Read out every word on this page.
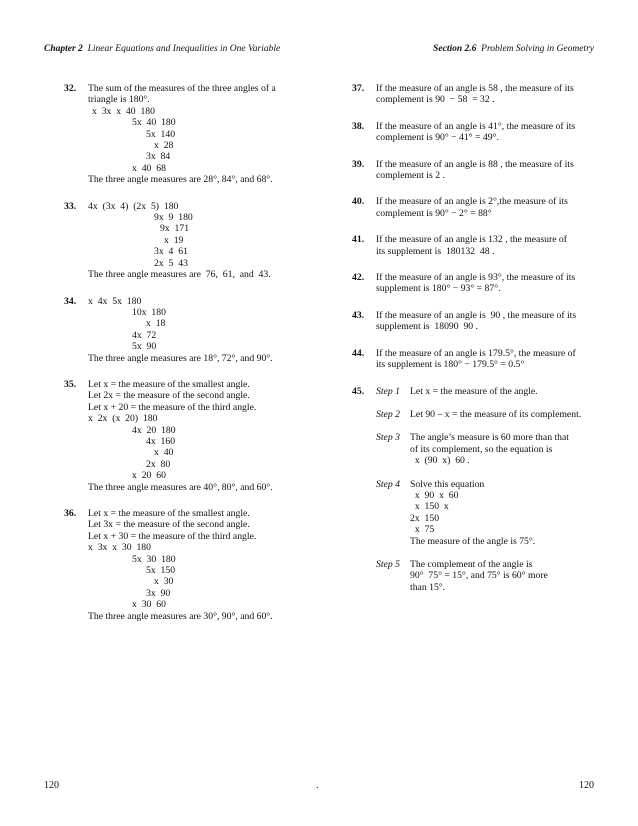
Chapter 2 Linear Equations and Inequalities in One Variable	Section 2.6 Problem Solving in Geometry
32. The sum of the measures of the three angles of a
triangle is 180°.
x  3x  x  40  180
5x  40  180
5x  140
x  28
3x  84
x  40  68
The three angle measures are 28°, 84°, and 68°.
33. 4x  (3x  4)  (2x  5)  180
9x  9  180
9x  171
x  19
3x  4  61
2x  5  43
The three angle measures are  76,  61,  and  43.
34. x  4x  5x  180
10x  180
x  18
4x  72
5x  90
The three angle measures are 18°, 72°, and 90°.
35. Let x = the measure of the smallest angle.
Let 2x = the measure of the second angle.
Let x + 20 = the measure of the third angle.
x  2x  (x  20)  180
4x  20  180
4x  160
x  40
2x  80
x  20  60
The three angle measures are 40°, 80°, and 60°.
36. Let x = the measure of the smallest angle.
Let 3x = the measure of the second angle.
Let x + 30 = the measure of the third angle.
x  3x  x  30  180
5x  30  180
5x  150
x  30
3x  90
x  30  60
The three angle measures are 30°, 90°, and 60°.
37. If the measure of an angle is 58 , the measure of its
complement is 90  − 58  = 32 .
38. If the measure of an angle is 41°, the measure of its
complement is 90° − 41° = 49°.
39. If the measure of an angle is 88 , the measure of its
complement is 2 .
40. If the measure of an angle is 2°,the measure of its
complement is 90° − 2° = 88°
41. If the measure of an angle is 132 , the measure of
its supplement is  180132  48 .
42. If the measure of an angle is 93°, the measure of its
supplement is 180° − 93° = 87°.
43. If the measure of an angle is  90 , the measure of its
supplement is  18090  90 .
44. If the measure of an angle is 179.5°, the measure of
its supplement is 180° − 179.5° = 0.5°
45. Step 1 Let x = the measure of the angle.
Step 2 Let 90 – x = the measure of its complement.
Step 3 The angle’s measure is 60 more than that
of its complement, so the equation is
x  (90  x)  60 .
Step 4 Solve this equation
x  90  x  60
x  150  x
2x  150
x  75
The measure of the angle is 75°.
Step 5 The complement of the angle is
90°  75° = 15°, and 75° is 60° more
than 15°.
120	.	120
